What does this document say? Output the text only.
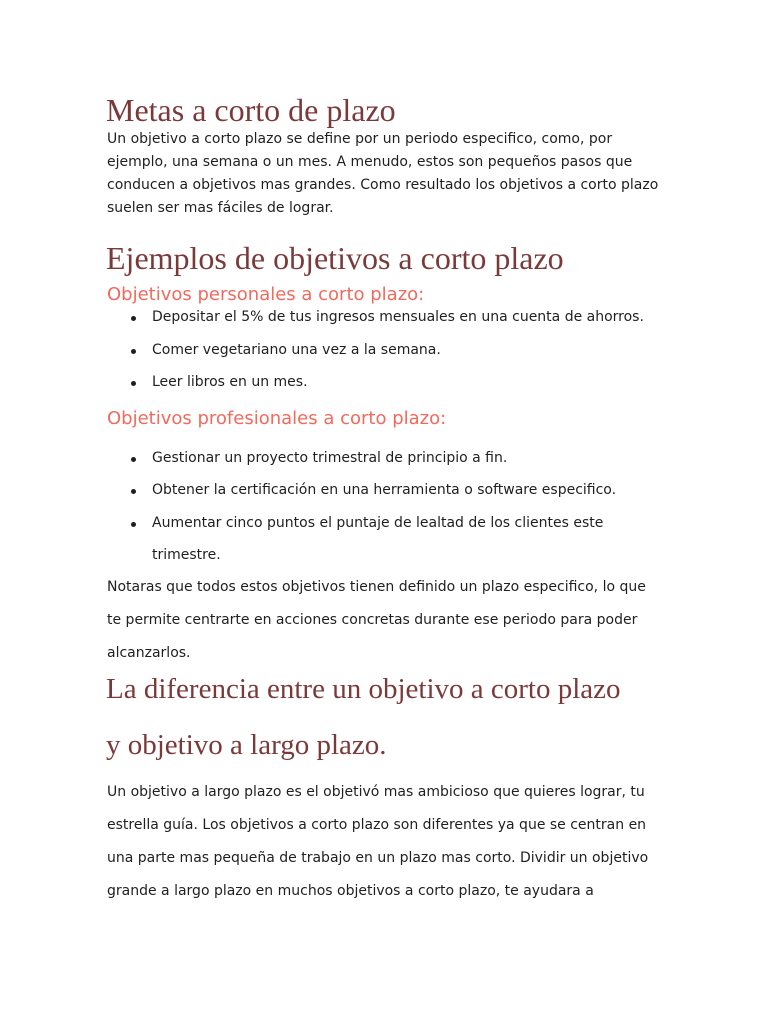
Metas a corto de plazo

Un objetivo a corto plazo se define por un periodo especifico, como, por

ejemplo, una semana o un mes. A menudo, estos son pequeños pasos que

conducen a objetivos mas grandes. Como resultado los objetivos a corto plazo

suelen ser mas fáciles de lograr.

Ejemplos de objetivos a corto plazo
Objetivos personales a corto plazo:

Depositar el 5% de tus ingresos mensuales en una cuenta de ahorros.

Comer vegetariano una vez a la semana.

Leer libros en un mes.

Objetivos profesionales a corto plazo:

Gestionar un proyecto trimestral de principio a fin.

Obtener la certificación en una herramienta o software especifico.

Aumentar cinco puntos el puntaje de lealtad de los clientes este

trimestre.

Notaras que todos estos objetivos tienen definido un plazo especifico, lo que

te permite centrarte en acciones concretas durante ese periodo para poder

alcanzarlos.

La diferencia entre un objetivo a corto plazo
y objetivo a largo plazo.

Un objetivo a largo plazo es el objetivó mas ambicioso que quieres lograr, tu

estrella guía. Los objetivos a corto plazo son diferentes ya que se centran en

una parte mas pequeña de trabajo en un plazo mas corto. Dividir un objetivo

grande a largo plazo en muchos objetivos a corto plazo, te ayudara a
